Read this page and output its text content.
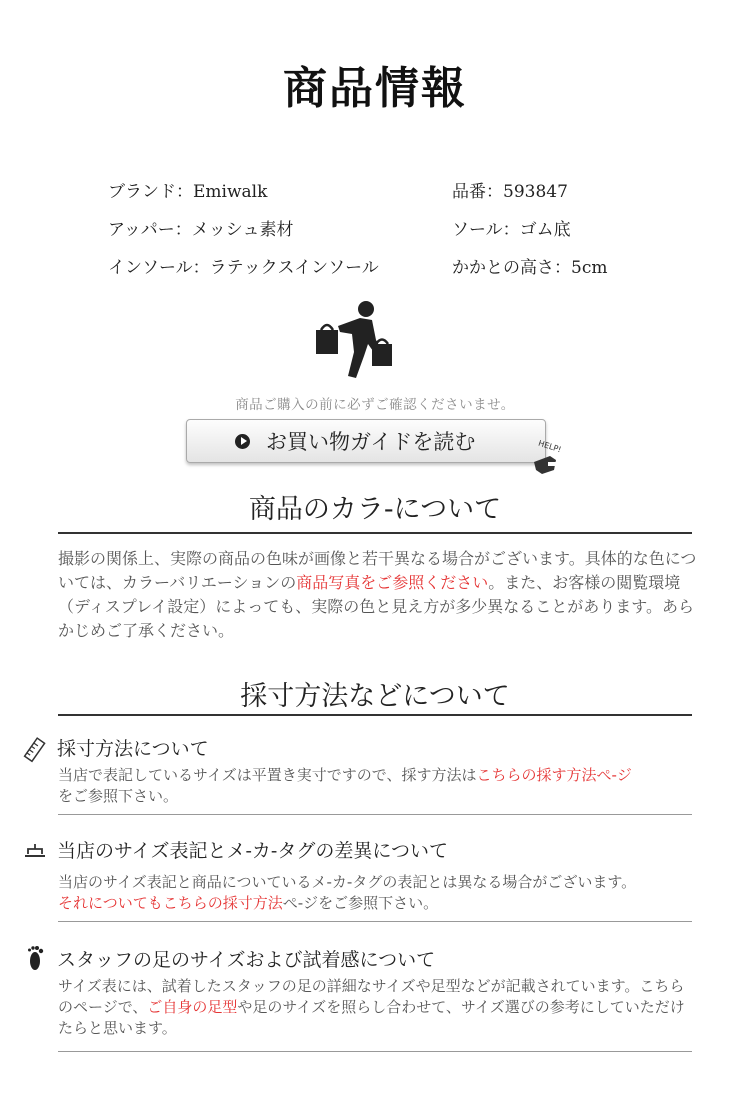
商品情報
ブランド：Emiwalk	品番：593847
アッパー：メッシュ素材	ソール：ゴム底
インソール：ラテックスインソール	かかとの高さ：5cm
商品ご購入の前に必ずご確認くださいませ。
お買い物ガイドを読む	HELP!
商品のカラ-について
撮影の関係上、実際の商品の色味が画像と若干異なる場合がございます。具体的な色については、カラーバリエーションの商品写真をご参照ください。また、お客様の閲覧環境（ディスプレイ設定）によっても、実際の色と見え方が多少異なることがあります。あらかじめご了承ください。
採寸方法などについて
採寸方法について
当店で表記しているサイズは平置き実寸ですので、採す方法はこちらの採す方法ぺ-ジ
をご参照下さい。
当店のサイズ表記とメ-カ-タグの差異について
当店のサイズ表記と商品についているメ-カ-タグの表記とは異なる場合がございます。
それについてもこちらの採寸方法ぺ-ジをご参照下さい。
スタッフの足のサイズおよび試着感について
サイズ表には、試着したスタッフの足の詳細なサイズや足型などが記載されています。こちらのページで、ご自身の足型や足のサイズを照らし合わせて、サイズ選びの参考にしていただけたらと思います。
